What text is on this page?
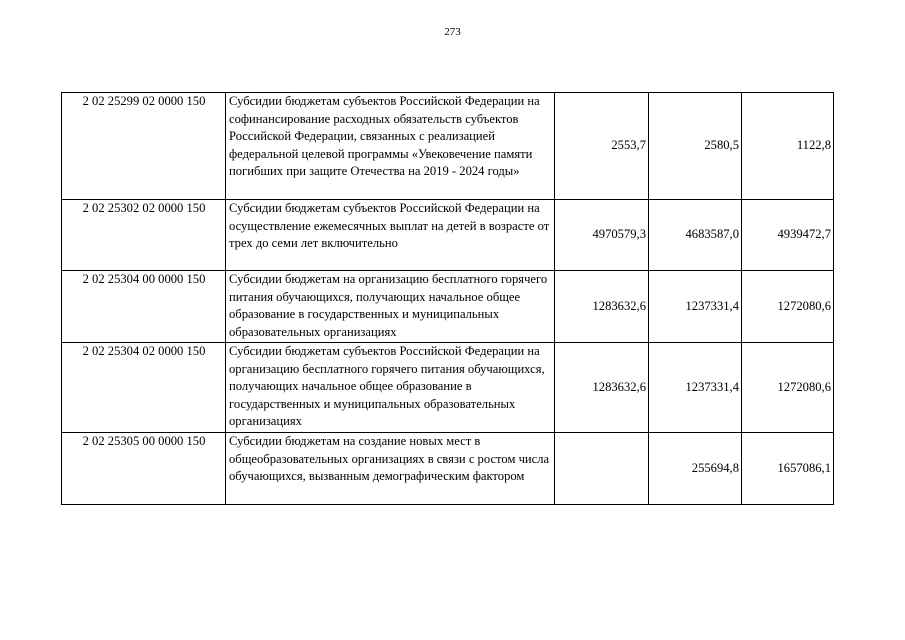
273
2 02 25299 02 0000 150	Субсидии бюджетам субъектов Российской Федерации на софинансирование расходных обязательств субъектов Российской Федерации, связанных с реализацией федеральной целевой программы «Увековечение памяти погибших при защите Отечества на 2019 - 2024 годы»	2553,7	2580,5	1122,8
2 02 25302 02 0000 150	Субсидии бюджетам субъектов Российской Федерации на осуществление ежемесячных выплат на детей в возрасте от трех до семи лет включительно	4970579,3	4683587,0	4939472,7
2 02 25304 00 0000 150	Субсидии бюджетам на организацию бесплатного горячего питания обучающихся, получающих начальное общее образование в государственных и муниципальных образовательных организациях	1283632,6	1237331,4	1272080,6
2 02 25304 02 0000 150	Субсидии бюджетам субъектов Российской Федерации на организацию бесплатного горячего питания обучающихся, получающих начальное общее образование в государственных и муниципальных образовательных организациях	1283632,6	1237331,4	1272080,6
2 02 25305 00 0000 150	Субсидии бюджетам на создание новых мест в общеобразовательных организациях в связи с ростом числа обучающихся, вызванным демографическим фактором		255694,8	1657086,1
